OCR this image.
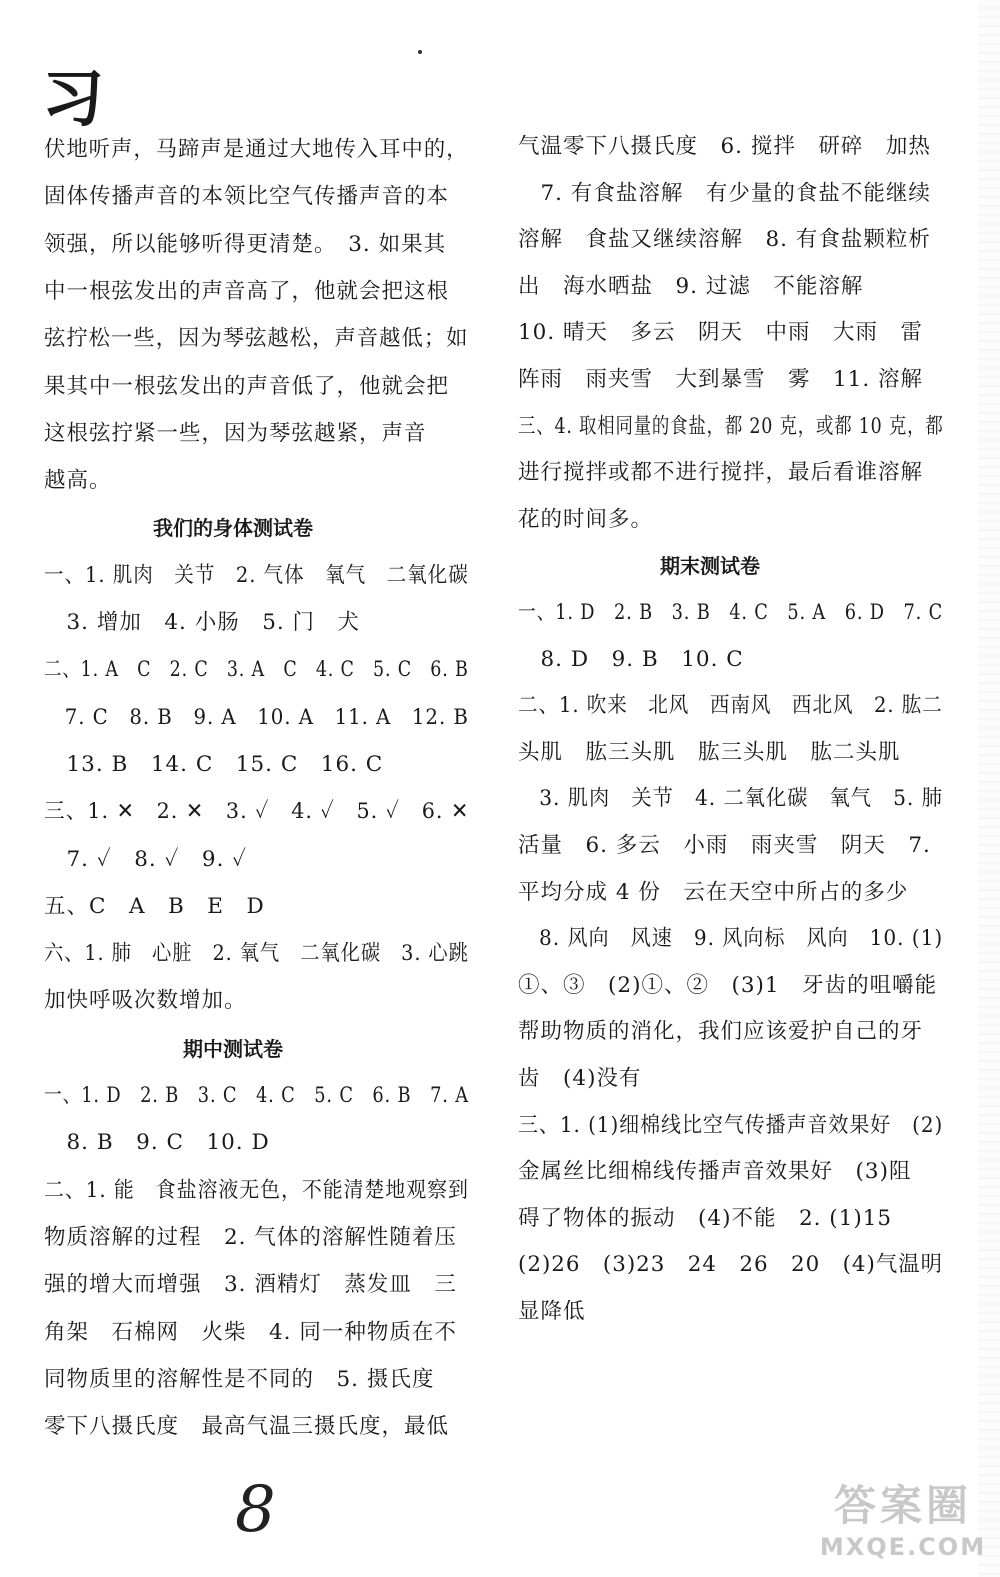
习
伏地听声，马蹄声是通过大地传入耳中的，
固体传播声音的本领比空气传播声音的本
领强，所以能够听得更清楚。　3. 如果其
中一根弦发出的声音高了，他就会把这根
弦拧松一些，因为琴弦越松，声音越低；如
果其中一根弦发出的声音低了，他就会把
这根弦拧紧一些，因为琴弦越紧，声音
越高。
我们的身体测试卷
一、1. 肌肉　关节　2. 气体　氧气　二氧化碳
　3. 增加　4. 小肠　5. 门　犬
二、1. A　C　2. C　3. A　C　4. C　5. C　6. B
　7. C　8. B　9. A　10. A　11. A　12. B
　13. B　14. C　15. C　16. C
三、1. ✕　2. ✕　3. ✓　4. ✓　5. ✓　6. ✕
　7. ✓　8. ✓　9. ✓
五、C　A　B　E　D
六、1. 肺　心脏　2. 氧气　二氧化碳　3. 心跳
加快呼吸次数增加。
期中测试卷
一、1. D　2. B　3. C　4. C　5. C　6. B　7. A
　8. B　9. C　10. D
二、1. 能　食盐溶液无色，不能清楚地观察到
物质溶解的过程　2. 气体的溶解性随着压
强的增大而增强　3. 酒精灯　蒸发皿　三
角架　石棉网　火柴　4. 同一种物质在不
同物质里的溶解性是不同的　5. 摄氏度
零下八摄氏度　最高气温三摄氏度，最低
气温零下八摄氏度　6. 搅拌　研碎　加热
　7. 有食盐溶解　有少量的食盐不能继续
溶解　食盐又继续溶解　8. 有食盐颗粒析
出　海水晒盐　9. 过滤　不能溶解
10. 晴天　多云　阴天　中雨　大雨　雷
阵雨　雨夹雪　大到暴雪　雾　11. 溶解
三、4. 取相同量的食盐，都 20 克，或都 10 克，都
进行搅拌或都不进行搅拌，最后看谁溶解
花的时间多。
期末测试卷
一、1. D　2. B　3. B　4. C　5. A　6. D　7. C
　8. D　9. B　10. C
二、1. 吹来　北风　西南风　西北风　2. 肱二
头肌　肱三头肌　肱三头肌　肱二头肌
　3. 肌肉　关节　4. 二氧化碳　氧气　5. 肺
活量　6. 多云　小雨　雨夹雪　阴天　7.
平均分成 4 份　云在天空中所占的多少
　8. 风向　风速　9. 风向标　风向　10. (1)
①、③　(2)①、②　(3)1　牙齿的咀嚼能
帮助物质的消化，我们应该爱护自己的牙
齿　(4)没有
三、1. (1)细棉线比空气传播声音效果好　(2)
金属丝比细棉线传播声音效果好　(3)阻
碍了物体的振动　(4)不能　2. (1)15
(2)26　(3)23　24　26　20　(4)气温明
显降低
8	答案圈
MXQE.COM
